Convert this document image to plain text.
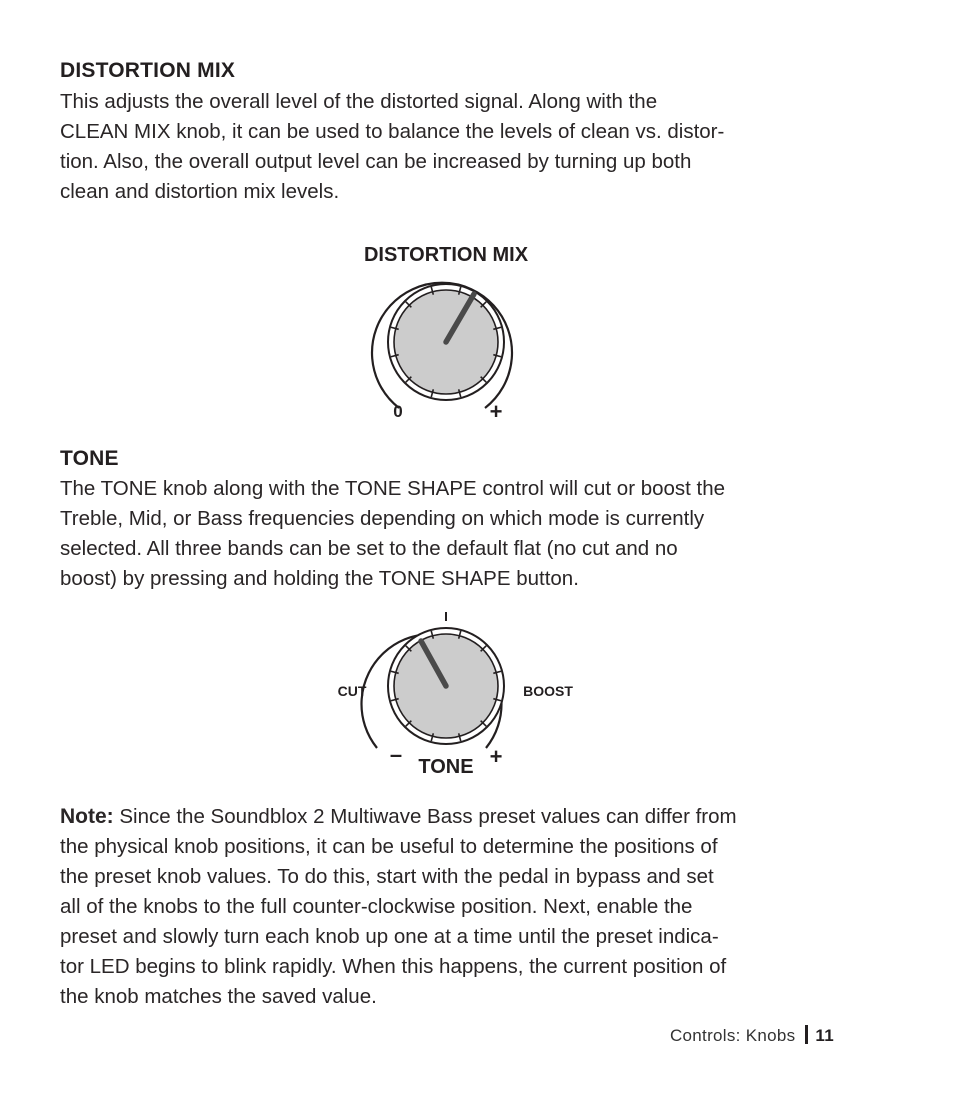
DISTORTION MIX

This adjusts the overall level of the distorted signal. Along with the
CLEAN MIX knob, it can be used to balance the levels of clean vs. distor-
tion. Also, the overall output level can be increased by turning up both
clean and distortion mix levels.

DISTORTION MIX
0	+
TONE

The TONE knob along with the TONE SHAPE control will cut or boost the
Treble, Mid, or Bass frequencies depending on which mode is currently
selected. All three bands can be set to the default flat (no cut and no
boost) by pressing and holding the TONE SHAPE button.

CUT	BOOST
–	+
TONE

Note: Since the Soundblox 2 Multiwave Bass preset values can differ from
the physical knob positions, it can be useful to determine the positions of
the preset knob values. To do this, start with the pedal in bypass and set
all of the knobs to the full counter-clockwise position. Next, enable the
preset and slowly turn each knob up one at a time until the preset indica-
tor LED begins to blink rapidly. When this happens, the current position of
the knob matches the saved value.

Controls: Knobs 11
